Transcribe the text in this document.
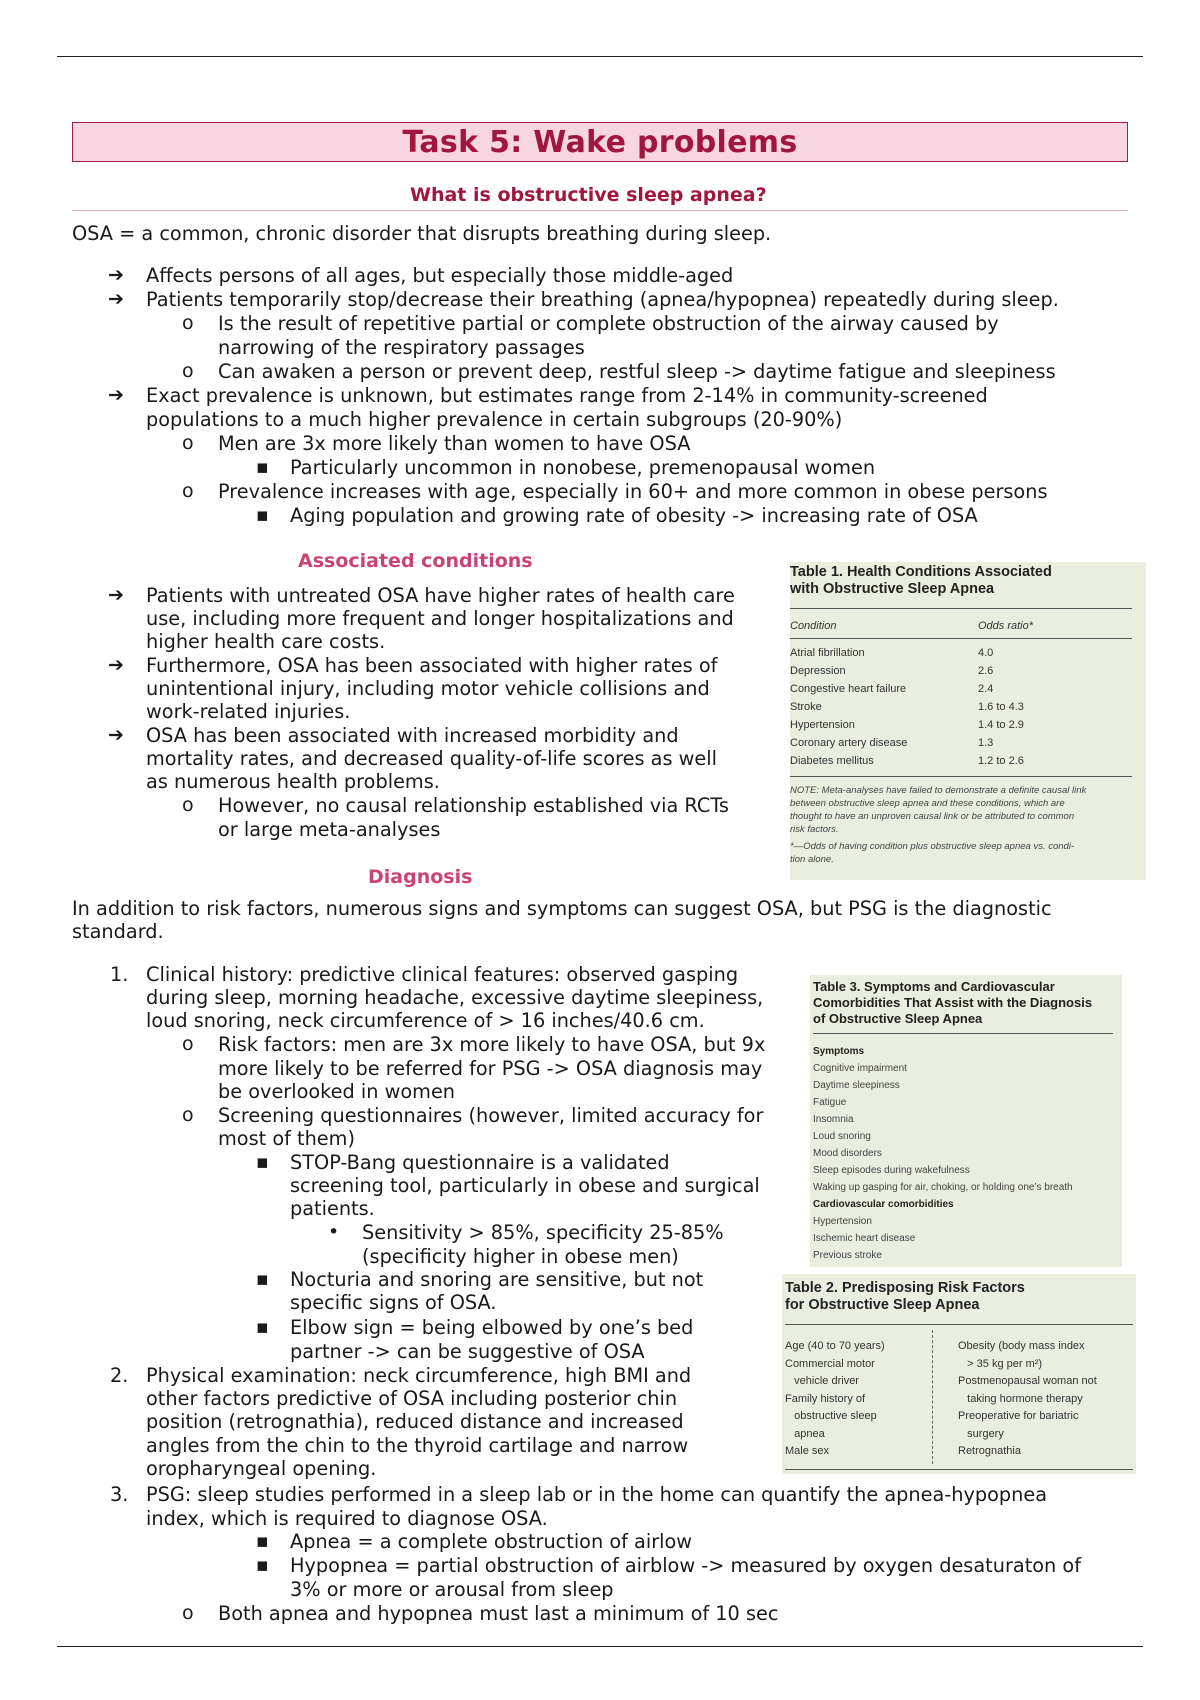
Task 5: Wake problems
What is obstructive sleep apnea?
OSA = a common, chronic disorder that disrupts breathing during sleep.
➔ Affects persons of all ages, but especially those middle-aged
➔ Patients temporarily stop/decrease their breathing (apnea/hypopnea) repeatedly during sleep.
o Is the result of repetitive partial or complete obstruction of the airway caused by
narrowing of the respiratory passages
o Can awaken a person or prevent deep, restful sleep -> daytime fatigue and sleepiness
➔ Exact prevalence is unknown, but estimates range from 2-14% in community-screened
populations to a much higher prevalence in certain subgroups (20-90%)
o Men are 3x more likely than women to have OSA
▪ Particularly uncommon in nonobese, premenopausal women
o Prevalence increases with age, especially in 60+ and more common in obese persons
▪ Aging population and growing rate of obesity -> increasing rate of OSA
Associated conditions
➔ Patients with untreated OSA have higher rates of health care
use, including more frequent and longer hospitalizations and
higher health care costs.
➔ Furthermore, OSA has been associated with higher rates of
unintentional injury, including motor vehicle collisions and
work-related injuries.
➔ OSA has been associated with increased morbidity and
mortality rates, and decreased quality-of-life scores as well
as numerous health problems.
o However, no causal relationship established via RCTs
or large meta-analyses
Table 1. Health Conditions Associated
with Obstructive Sleep Apnea
Condition	Odds ratio*
Atrial fibrillation	4.0
Depression	2.6
Congestive heart failure	2.4
Stroke	1.6 to 4.3
Hypertension	1.4 to 2.9
Coronary artery disease	1.3
Diabetes mellitus	1.2 to 2.6
NOTE: Meta-analyses have failed to demonstrate a definite causal link
between obstructive sleep apnea and these conditions, which are
thought to have an unproven causal link or be attributed to common
risk factors.
*—Odds of having condition plus obstructive sleep apnea vs. condi-
tion alone.
Diagnosis
In addition to risk factors, numerous signs and symptoms can suggest OSA, but PSG is the diagnostic
standard.
1. Clinical history: predictive clinical features: observed gasping
during sleep, morning headache, excessive daytime sleepiness,
loud snoring, neck circumference of > 16 inches/40.6 cm.
o Risk factors: men are 3x more likely to have OSA, but 9x
more likely to be referred for PSG -> OSA diagnosis may
be overlooked in women
o Screening questionnaires (however, limited accuracy for
most of them)
▪ STOP-Bang questionnaire is a validated
screening tool, particularly in obese and surgical
patients.
• Sensitivity > 85%, specificity 25-85%
(specificity higher in obese men)
▪ Nocturia and snoring are sensitive, but not
specific signs of OSA.
▪ Elbow sign = being elbowed by one’s bed
partner -> can be suggestive of OSA
2. Physical examination: neck circumference, high BMI and
other factors predictive of OSA including posterior chin
position (retrognathia), reduced distance and increased
angles from the chin to the thyroid cartilage and narrow
oropharyngeal opening.
3. PSG: sleep studies performed in a sleep lab or in the home can quantify the apnea-hypopnea
index, which is required to diagnose OSA.
▪ Apnea = a complete obstruction of airlow
▪ Hypopnea = partial obstruction of airblow -> measured by oxygen desaturaton of
3% or more or arousal from sleep
o Both apnea and hypopnea must last a minimum of 10 sec
Table 3. Symptoms and Cardiovascular
Comorbidities That Assist with the Diagnosis
of Obstructive Sleep Apnea
Symptoms
Cognitive impairment
Daytime sleepiness
Fatigue
Insomnia
Loud snoring
Mood disorders
Sleep episodes during wakefulness
Waking up gasping for air, choking, or holding one’s breath
Cardiovascular comorbidities
Hypertension
Ischemic heart disease
Previous stroke
Table 2. Predisposing Risk Factors
for Obstructive Sleep Apnea
Age (40 to 70 years)
Commercial motor
vehicle driver
Family history of
obstructive sleep
apnea
Male sex
Obesity (body mass index
> 35 kg per m²)
Postmenopausal woman not
taking hormone therapy
Preoperative for bariatric
surgery
Retrognathia
